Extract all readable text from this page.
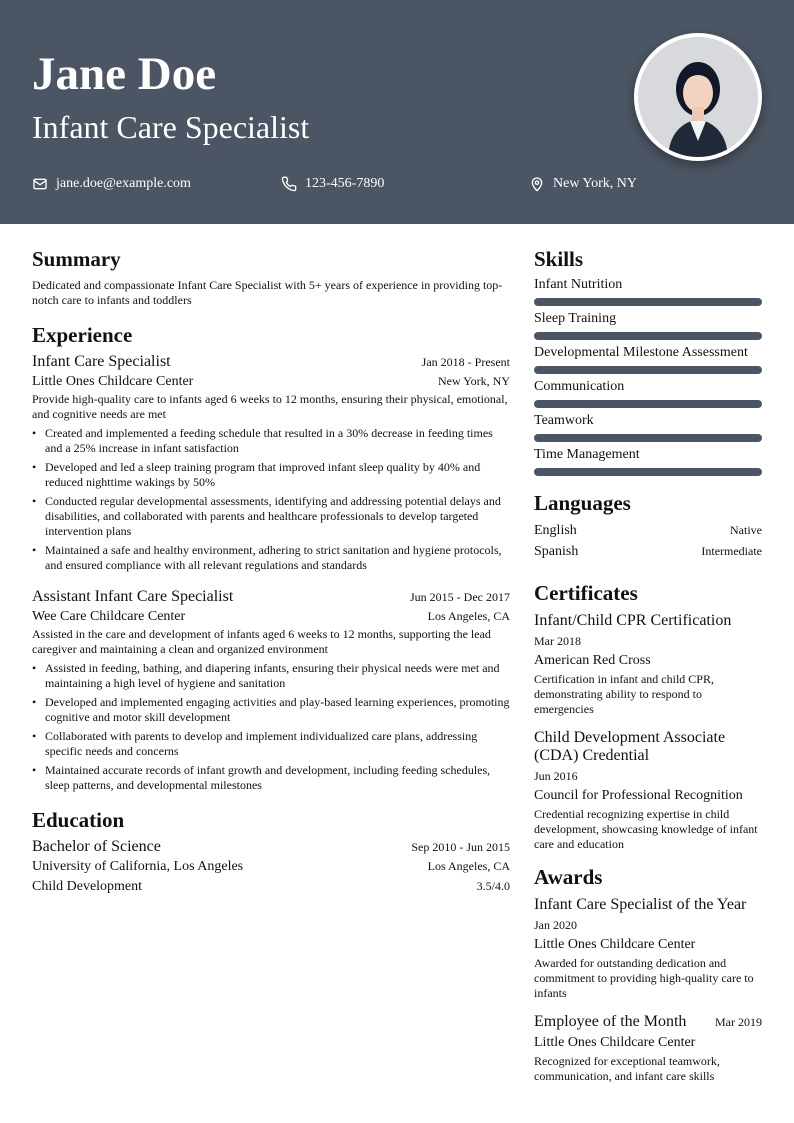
Jane Doe
Infant Care Specialist
jane.doe@example.com	123-456-7890	New York, NY
Summary
Dedicated and compassionate Infant Care Specialist with 5+ years of experience in providing top-notch care to infants and toddlers
Experience
Infant Care Specialist	Jan 2018 - Present
Little Ones Childcare Center	New York, NY
Provide high-quality care to infants aged 6 weeks to 12 months, ensuring their physical, emotional, and cognitive needs are met
• Created and implemented a feeding schedule that resulted in a 30% decrease in feeding times and a 25% increase in infant satisfaction
• Developed and led a sleep training program that improved infant sleep quality by 40% and reduced nighttime wakings by 50%
• Conducted regular developmental assessments, identifying and addressing potential delays and disabilities, and collaborated with parents and healthcare professionals to develop targeted intervention plans
• Maintained a safe and healthy environment, adhering to strict sanitation and hygiene protocols, and ensured compliance with all relevant regulations and standards
Assistant Infant Care Specialist	Jun 2015 - Dec 2017
Wee Care Childcare Center	Los Angeles, CA
Assisted in the care and development of infants aged 6 weeks to 12 months, supporting the lead caregiver and maintaining a clean and organized environment
• Assisted in feeding, bathing, and diapering infants, ensuring their physical needs were met and maintaining a high level of hygiene and sanitation
• Developed and implemented engaging activities and play-based learning experiences, promoting cognitive and motor skill development
• Collaborated with parents to develop and implement individualized care plans, addressing specific needs and concerns
• Maintained accurate records of infant growth and development, including feeding schedules, sleep patterns, and developmental milestones
Education
Bachelor of Science	Sep 2010 - Jun 2015
University of California, Los Angeles	Los Angeles, CA
Child Development	3.5/4.0
Skills
Infant Nutrition
Sleep Training
Developmental Milestone Assessment
Communication
Teamwork
Time Management
Languages
English	Native
Spanish	Intermediate
Certificates
Infant/Child CPR Certification
Mar 2018
American Red Cross
Certification in infant and child CPR, demonstrating ability to respond to emergencies
Child Development Associate (CDA) Credential
Jun 2016
Council for Professional Recognition
Credential recognizing expertise in child development, showcasing knowledge of infant care and education
Awards
Infant Care Specialist of the Year
Jan 2020
Little Ones Childcare Center
Awarded for outstanding dedication and commitment to providing high-quality care to infants
Employee of the Month Mar 2019
Little Ones Childcare Center
Recognized for exceptional teamwork, communication, and infant care skills
